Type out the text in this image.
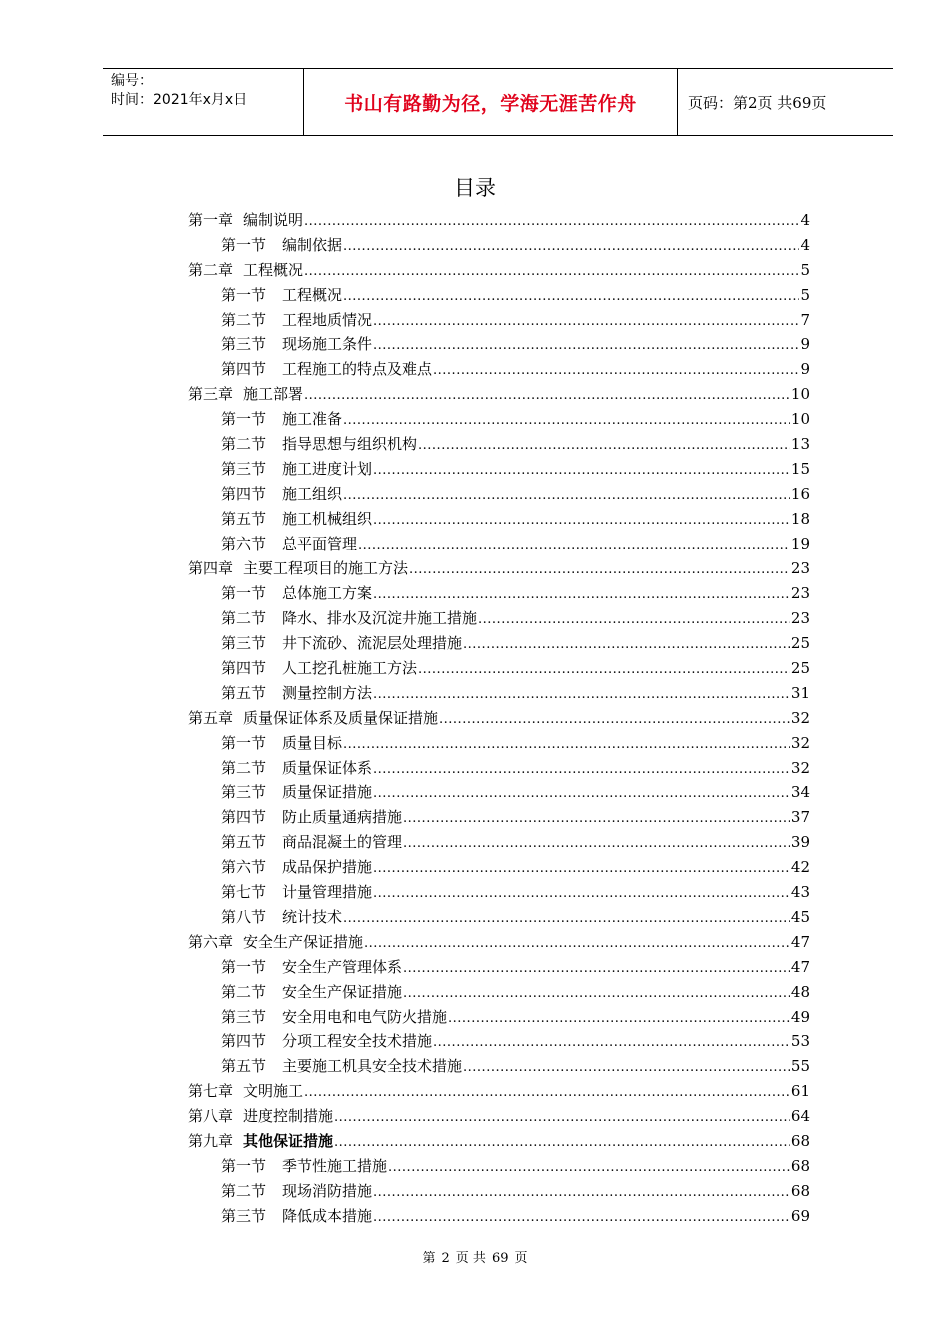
编号：
时间：2021年x月x日	书山有路勤为径，学海无涯苦作舟	页码：第2页 共69页
目录
第一章 编制说明 .....	4
第一节 编制依据 .....	4
第二章 工程概况 .....	5
第一节 工程概况 .....	5
第二节 工程地质情况 .....	7
第三节 现场施工条件 .....	9
第四节 工程施工的特点及难点 .....	9
第三章 施工部署 .....	10
第一节 施工准备 .....	10
第二节 指导思想与组织机构 .....	13
第三节 施工进度计划 .....	15
第四节 施工组织 .....	16
第五节 施工机械组织 .....	18
第六节 总平面管理 .....	19
第四章 主要工程项目的施工方法 .....	23
第一节 总体施工方案 .....	23
第二节 降水、排水及沉淀井施工措施 .....	23
第三节 井下流砂、流泥层处理措施 .....	25
第四节 人工挖孔桩施工方法 .....	25
第五节 测量控制方法 .....	31
第五章 质量保证体系及质量保证措施 .....	32
第一节 质量目标 .....	32
第二节 质量保证体系 .....	32
第三节 质量保证措施 .....	34
第四节 防止质量通病措施 .....	37
第五节 商品混凝土的管理 .....	39
第六节 成品保护措施 .....	42
第七节 计量管理措施 .....	43
第八节 统计技术 .....	45
第六章 安全生产保证措施 .....	47
第一节 安全生产管理体系 .....	47
第二节 安全生产保证措施 .....	48
第三节 安全用电和电气防火措施 .....	49
第四节 分项工程安全技术措施 .....	53
第五节 主要施工机具安全技术措施 .....	55
第七章 文明施工 .....	61
第八章 进度控制措施 .....	64
第九章 其他保证措施 .....	68
第一节 季节性施工措施 .....	68
第二节 现场消防措施 .....	68
第三节 降低成本措施 .....	69
第 2 页 共 69 页
